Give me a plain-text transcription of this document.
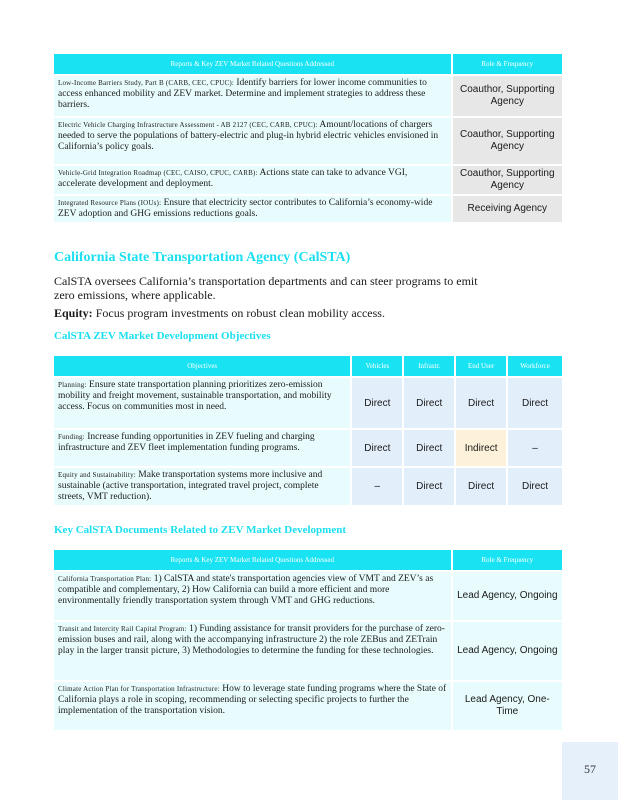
Reports & Key ZEV Market Related Questions Addressed	Role & Frequency
Low-Income Barriers Study, Part B (CARB, CEC, CPUC): Identify barriers for lower income communities to access enhanced mobility and ZEV market. Determine and implement strategies to address these barriers.	Coauthor, Supporting Agency
Electric Vehicle Charging Infrastructure Assessment - AB 2127 (CEC, CARB, CPUC): Amount/locations of chargers needed to serve the populations of battery-electric and plug-in hybrid electric vehicles envisioned in California’s policy goals.	Coauthor, Supporting Agency
Vehicle-Grid Integration Roadmap (CEC, CAISO, CPUC, CARB): Actions state can take to advance VGI, accelerate development and deployment.	Coauthor, Supporting Agency
Integrated Resource Plans (IOUs): Ensure that electricity sector contributes to California’s economy-wide ZEV adoption and GHG emissions reductions goals.	Receiving Agency
California State Transportation Agency (CalSTA)

CalSTA oversees California’s transportation departments and can steer programs to emit zero emissions, where applicable.

Equity: Focus program investments on robust clean mobility access.

CalSTA ZEV Market Development Objectives

Objectives	Vehicles	Infrastr.	End User	Workforce
Planning: Ensure state transportation planning prioritizes zero-emission mobility and freight movement, sustainable transportation, and mobility access. Focus on communities most in need.	Direct	Direct	Direct	Direct
Funding: Increase funding opportunities in ZEV fueling and charging infrastructure and ZEV fleet implementation funding programs.	Direct	Direct	Indirect	–
Equity and Sustainability: Make transportation systems more inclusive and sustainable (active transportation, integrated travel project, complete streets, VMT reduction).	–	Direct	Direct	Direct

Key CalSTA Documents Related to ZEV Market Development

Reports & Key ZEV Market Related Questions Addressed	Role & Frequency
California Transportation Plan: 1) CalSTA and state's transportation agencies view of VMT and ZEV’s as compatible and complementary, 2) How California can build a more efficient and more environmentally friendly transportation system through VMT and GHG reductions.	Lead Agency, Ongoing
Transit and Intercity Rail Capital Program: 1) Funding assistance for transit providers for the purchase of zero-emission buses and rail, along with the accompanying infrastructure 2) the role ZEBus and ZETrain play in the larger transit picture, 3) Methodologies to determine the funding for these technologies.	Lead Agency, Ongoing
Climate Action Plan for Transportation Infrastructure: How to leverage state funding programs where the State of California plays a role in scoping, recommending or selecting specific projects to further the implementation of the transportation vision.	Lead Agency, One-Time
57
